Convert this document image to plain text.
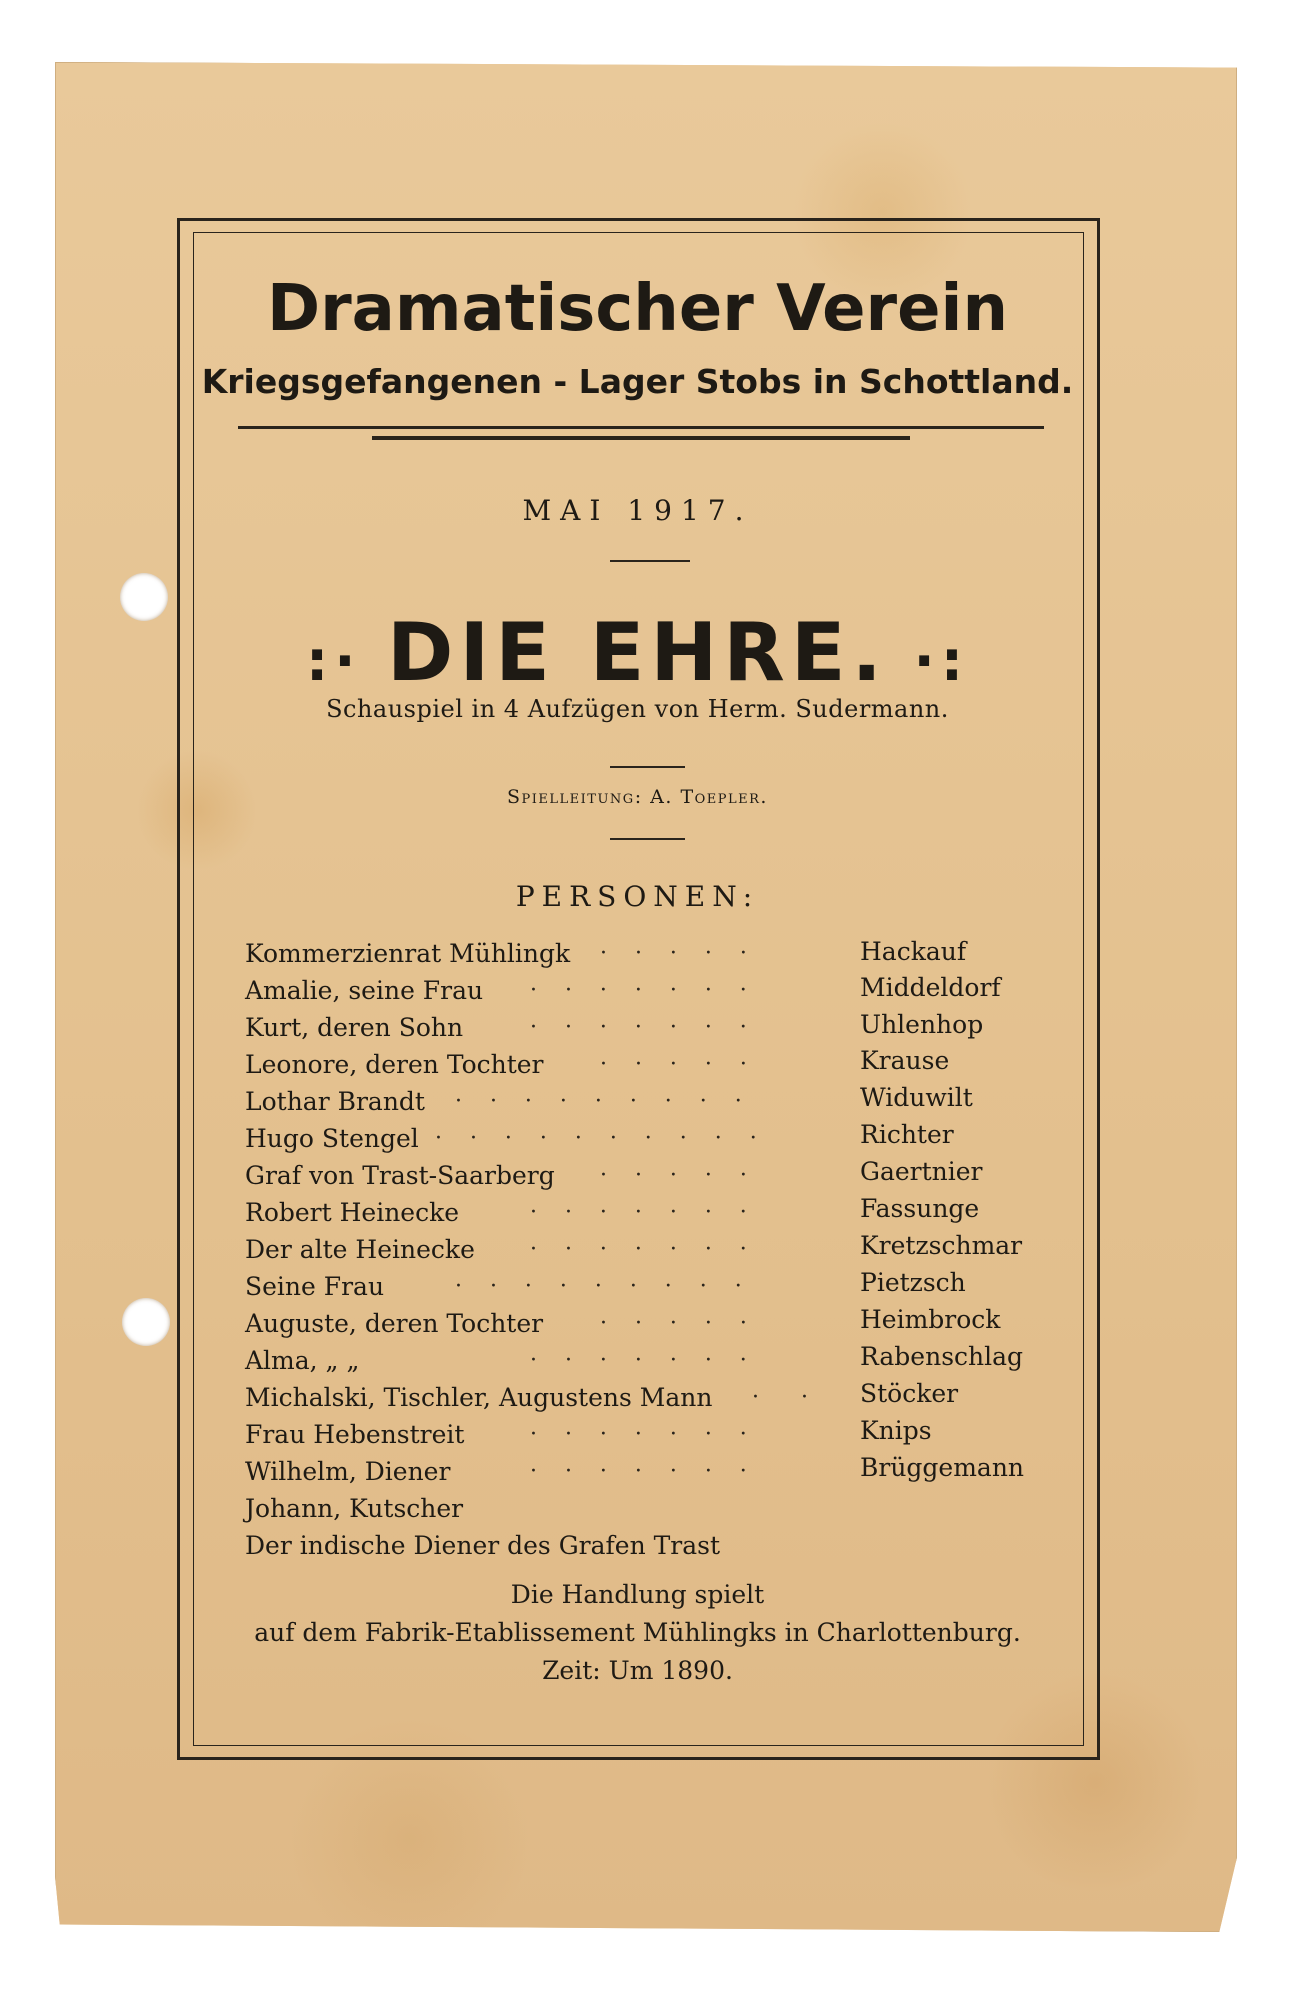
Dramatischer Verein
Kriegsgefangenen - Lager Stobs in Schottland.
MAI 1917.
:· DIE EHRE. ·:
Schauspiel in 4 Aufzügen von Herm. Sudermann.
Spielleitung: A. Toepler.
PERSONEN:
Kommerzienrat Mühlingk ·    ·    ·    ·    ·	Hackauf
Amalie, seine Frau ·    ·    ·    ·    ·    ·    ·	Middeldorf
Kurt, deren Sohn	·    ·    ·    ·    ·    ·    ·	Uhlenhop
Leonore, deren Tochter	·    ·    ·    ·    ·	Krause
Lothar Brandt ·    ·    ·    ·    ·    ·    ·    ·    ·	Widuwilt
Hugo Stengel ·    ·    ·    ·    ·    ·    ·    ·    ·    ·	Richter
Graf von Trast-Saarberg ·    ·    ·    ·    ·	Gaertnier
Robert Heinecke	·    ·    ·    ·    ·    ·    ·	Fassunge
Der alte Heinecke	·    ·    ·    ·    ·    ·    ·	Kretzschmar
Seine Frau	·    ·    ·    ·    ·    ·    ·    ·    ·	Pietzsch
Auguste, deren Tochter	·    ·    ·    ·    ·	Heimbrock
Alma, „ „	·    ·    ·    ·    ·    ·    ·	Rabenschlag
Michalski, Tischler, Augustens Mann ·      · Stöcker
Frau Hebenstreit	·    ·    ·    ·    ·    ·    ·	Knips
Wilhelm, Diener	·    ·    ·    ·    ·    ·    ·	Brüggemann
Johann, Kutscher
Der indische Diener des Grafen Trast
Die Handlung spielt
auf dem Fabrik-Etablissement Mühlingks in Charlottenburg.
Zeit: Um 1890.
